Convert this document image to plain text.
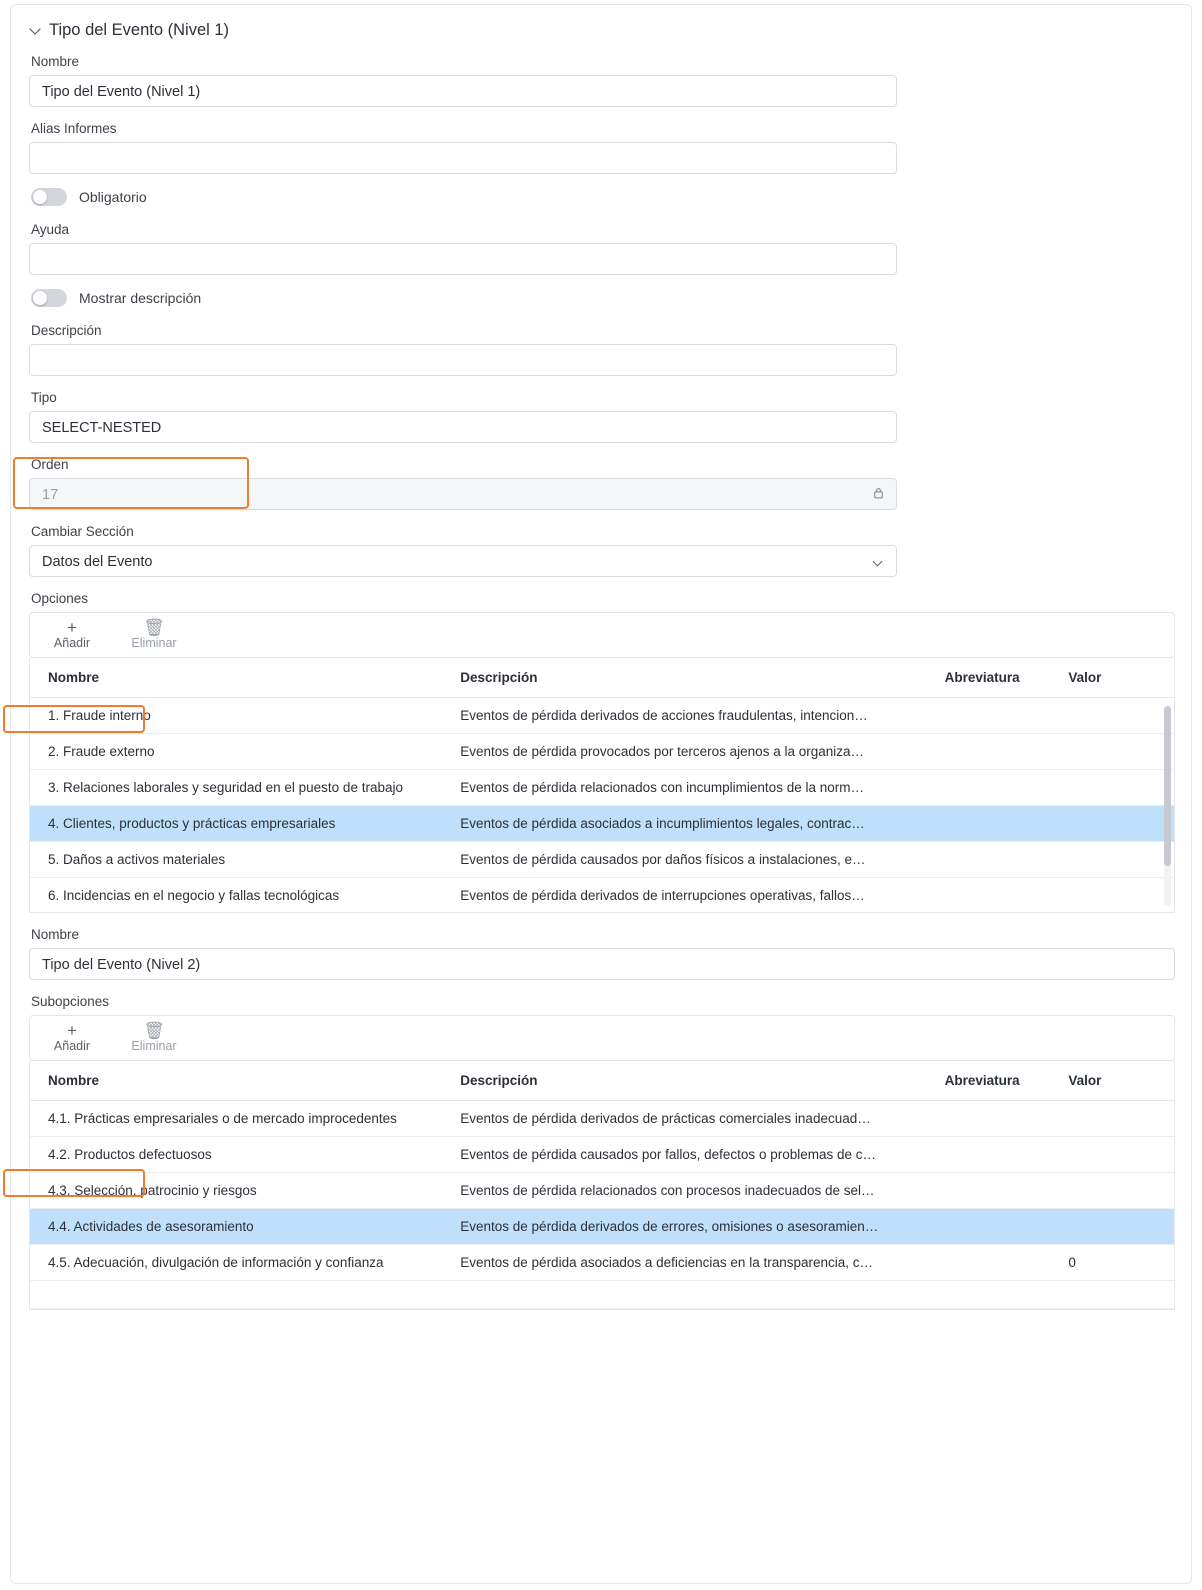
Tipo del Evento (Nivel 1)
Nombre
Tipo del Evento (Nivel 1)
Alias Informes
Obligatorio
Ayuda
Mostrar descripción
Descripción
Tipo
SELECT-NESTED
Orden
17
Cambiar Sección
Datos del Evento
Opciones
+
Añadir
🗑
Eliminar
Nombre	Descripción	Abreviatura	Valor
1. Fraude interno	Eventos de pérdida derivados de acciones fraudulentas, intencion…		
2. Fraude externo	Eventos de pérdida provocados por terceros ajenos a la organiza…		
3. Relaciones laborales y seguridad en el puesto de trabajo	Eventos de pérdida relacionados con incumplimientos de la norm…		
4. Clientes, productos y prácticas empresariales	Eventos de pérdida asociados a incumplimientos legales, contrac…		
5. Daños a activos materiales	Eventos de pérdida causados por daños físicos a instalaciones, e…		
6. Incidencias en el negocio y fallas tecnológicas	Eventos de pérdida derivados de interrupciones operativas, fallos…		
Nombre
Tipo del Evento (Nivel 2)
Subopciones
+
Añadir
🗑
Eliminar
Nombre	Descripción	Abreviatura	Valor
4.1. Prácticas empresariales o de mercado improcedentes	Eventos de pérdida derivados de prácticas comerciales inadecuad…		
4.2. Productos defectuosos	Eventos de pérdida causados por fallos, defectos o problemas de c…		
4.3. Selección, patrocinio y riesgos	Eventos de pérdida relacionados con procesos inadecuados de sel…		
4.4. Actividades de asesoramiento	Eventos de pérdida derivados de errores, omisiones o asesoramien…		
4.5. Adecuación, divulgación de información y confianza	Eventos de pérdida asociados a deficiencias en la transparencia, c…		0
